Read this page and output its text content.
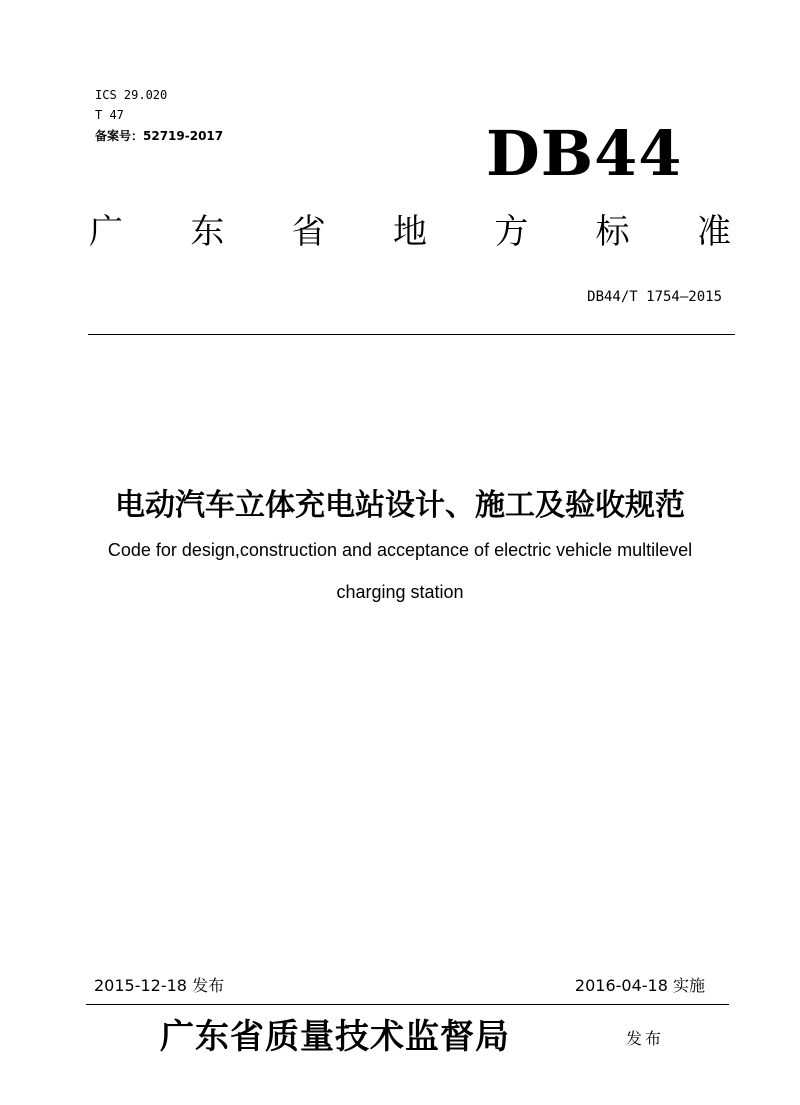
ICS 29.020
T 47
备案号：52719-2017	DB44
广 东 省 地 方 标 准
DB44/T 1754—2015
电动汽车立体充电站设计、施工及验收规范
Code for design,construction and acceptance of electric vehicle multilevel
charging station
2015-12-18 发布	2016-04-18 实施
广东省质量技术监督局	发布
